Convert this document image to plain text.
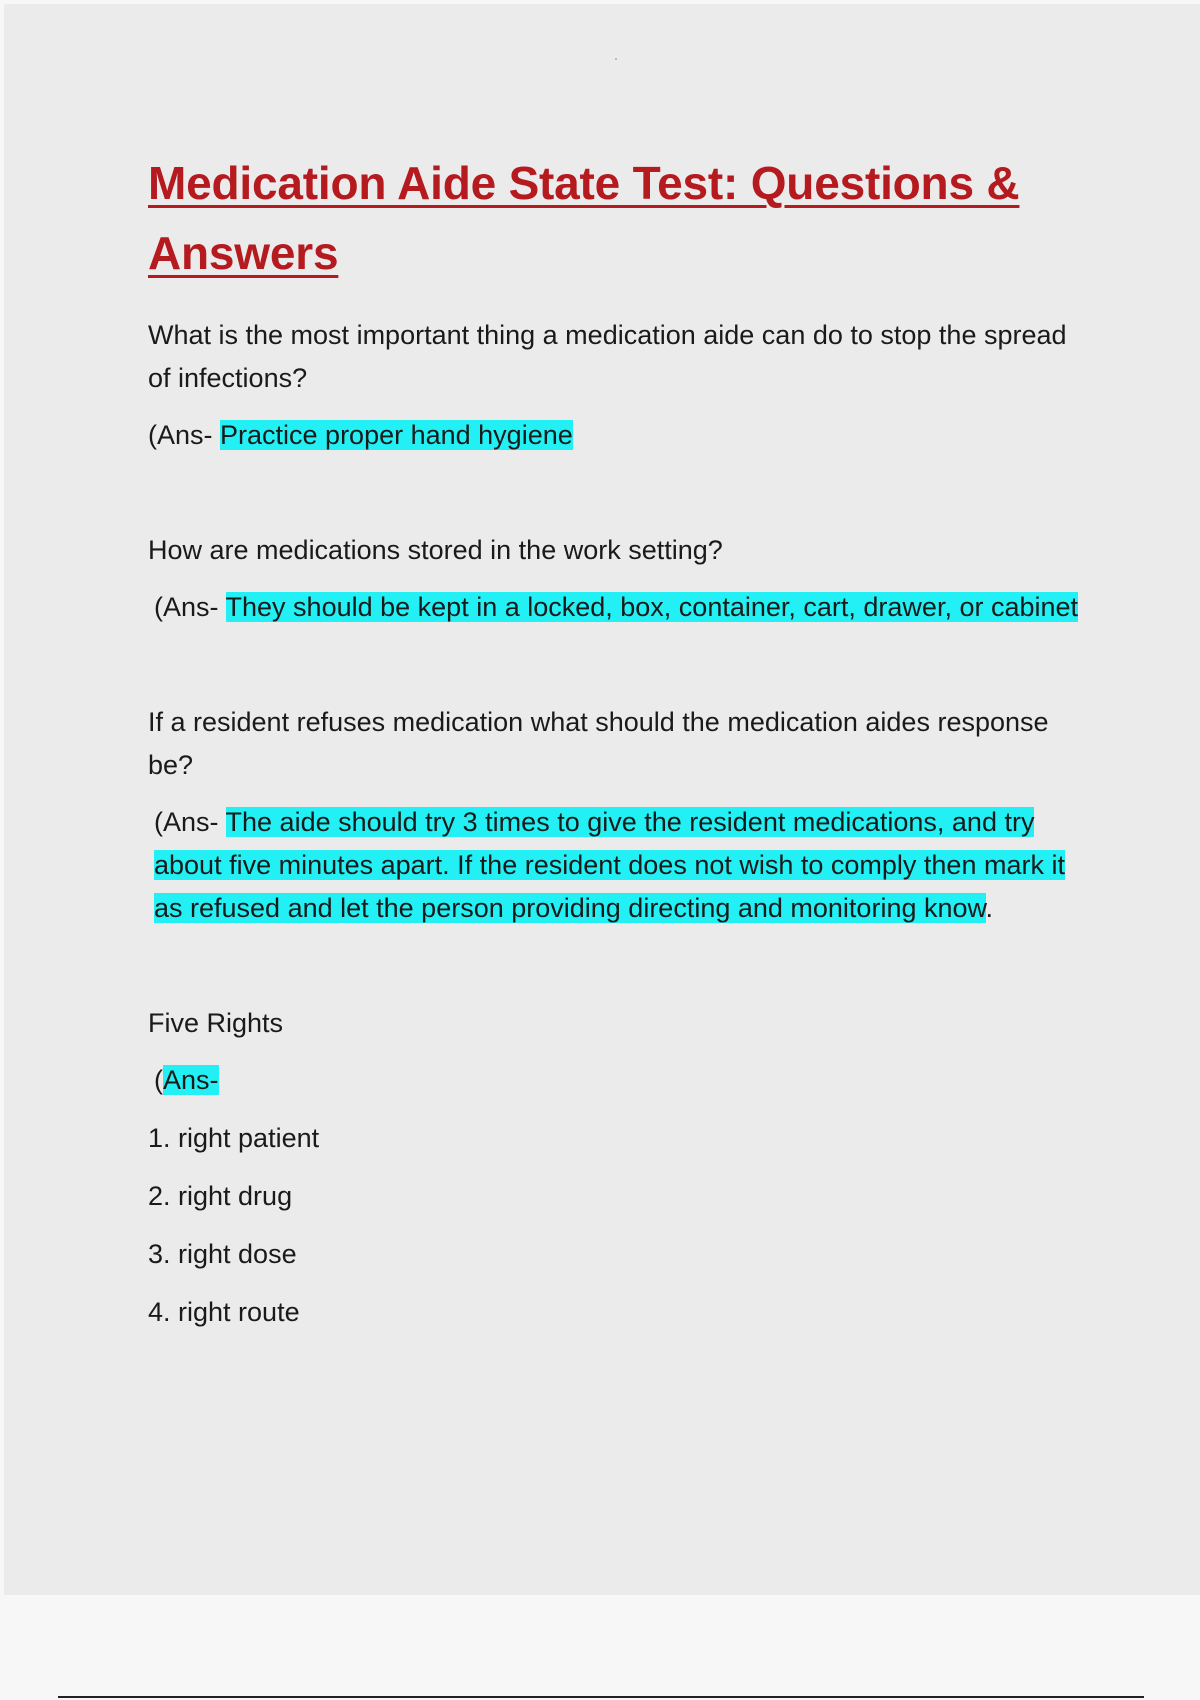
Medication Aide State Test: Questions & Answers

What is the most important thing a medication aide can do to stop the spread of infections?

(Ans- Practice proper hand hygiene

How are medications stored in the work setting?

(Ans- They should be kept in a locked, box, container, cart, drawer, or cabinet

If a resident refuses medication what should the medication aides response be?

(Ans- The aide should try 3 times to give the resident medications, and try about five minutes apart. If the resident does not wish to comply then mark it as refused and let the person providing directing and monitoring know.

Five Rights

(Ans-

1. right patient
2. right drug
3. right dose
4. right route
